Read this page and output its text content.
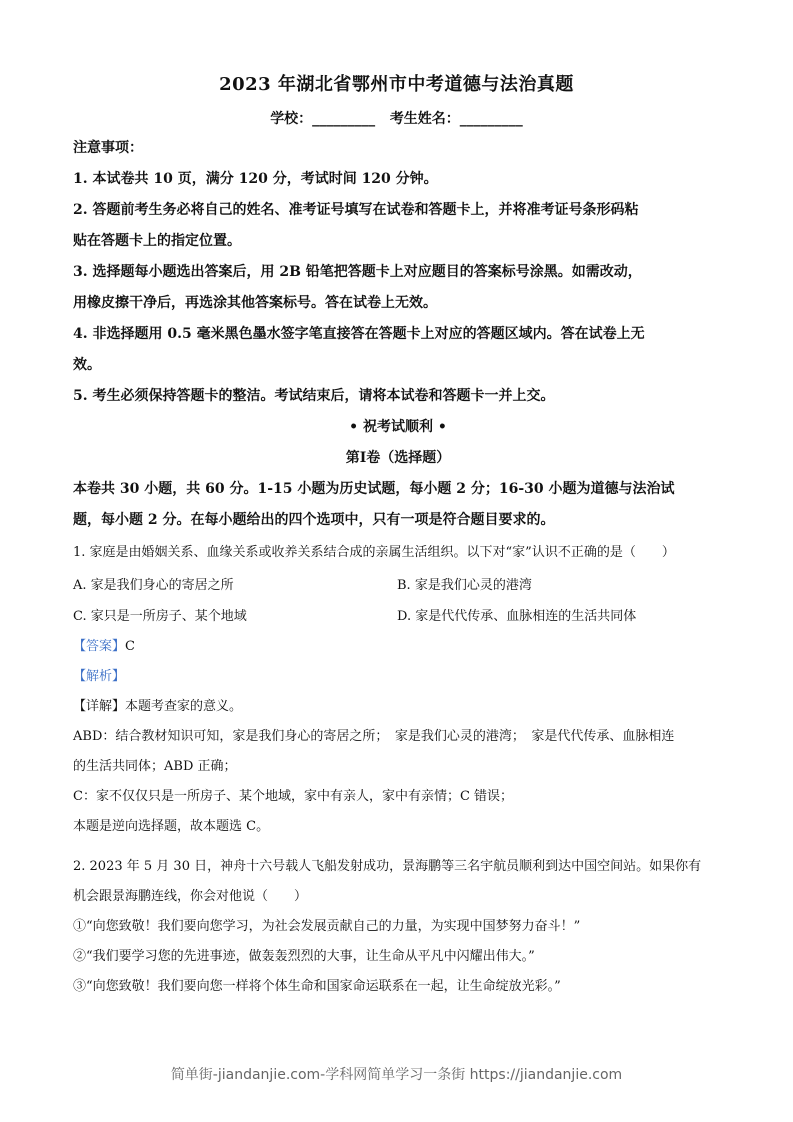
2023 年湖北省鄂州市中考道德与法治真题
学校：_________ 考生姓名：_________
注意事项：
1. 本试卷共 10 页，满分 120 分，考试时间 120 分钟。
2. 答题前考生务必将自己的姓名、准考证号填写在试卷和答题卡上，并将准考证号条形码粘
贴在答题卡上的指定位置。
3. 选择题每小题选出答案后，用 2B 铅笔把答题卡上对应题目的答案标号涂黑。如需改动，
用橡皮擦干净后，再选涂其他答案标号。答在试卷上无效。
4. 非选择题用 0.5 毫米黑色墨水签字笔直接答在答题卡上对应的答题区域内。答在试卷上无
效。
5. 考生必须保持答题卡的整洁。考试结束后，请将本试卷和答题卡一并上交。
• 祝考试顺利 •
第Ⅰ卷（选择题）
本卷共 30 小题，共 60 分。1-15 小题为历史试题，每小题 2 分；16-30 小题为道德与法治试
题，每小题 2 分。在每小题给出的四个选项中，只有一项是符合题目要求的。
1. 家庭是由婚姻关系、血缘关系或收养关系结合成的亲属生活组织。以下对“家”认识不正确的是（　　）
A. 家是我们身心的寄居之所	B. 家是我们心灵的港湾
C. 家只是一所房子、某个地域	D. 家是代代传承、血脉相连的生活共同体
【答案】C
【解析】
【详解】本题考查家的意义。
ABD：结合教材知识可知，家是我们身心的寄居之所；　家是我们心灵的港湾；　家是代代传承、血脉相连
的生活共同体；ABD 正确；
C：家不仅仅只是一所房子、某个地域，家中有亲人，家中有亲情；C 错误；
本题是逆向选择题，故本题选 C。
2. 2023 年 5 月 30 日，神舟十六号载人飞船发射成功，景海鹏等三名宇航员顺利到达中国空间站。如果你有
机会跟景海鹏连线，你会对他说（　　）
①“向您致敬！我们要向您学习，为社会发展贡献自己的力量，为实现中国梦努力奋斗！”
②“我们要学习您的先进事迹，做轰轰烈烈的大事，让生命从平凡中闪耀出伟大。”
③“向您致敬！我们要向您一样将个体生命和国家命运联系在一起，让生命绽放光彩。”
简单街-jiandanjie.com-学科网简单学习一条街 https://jiandanjie.com
